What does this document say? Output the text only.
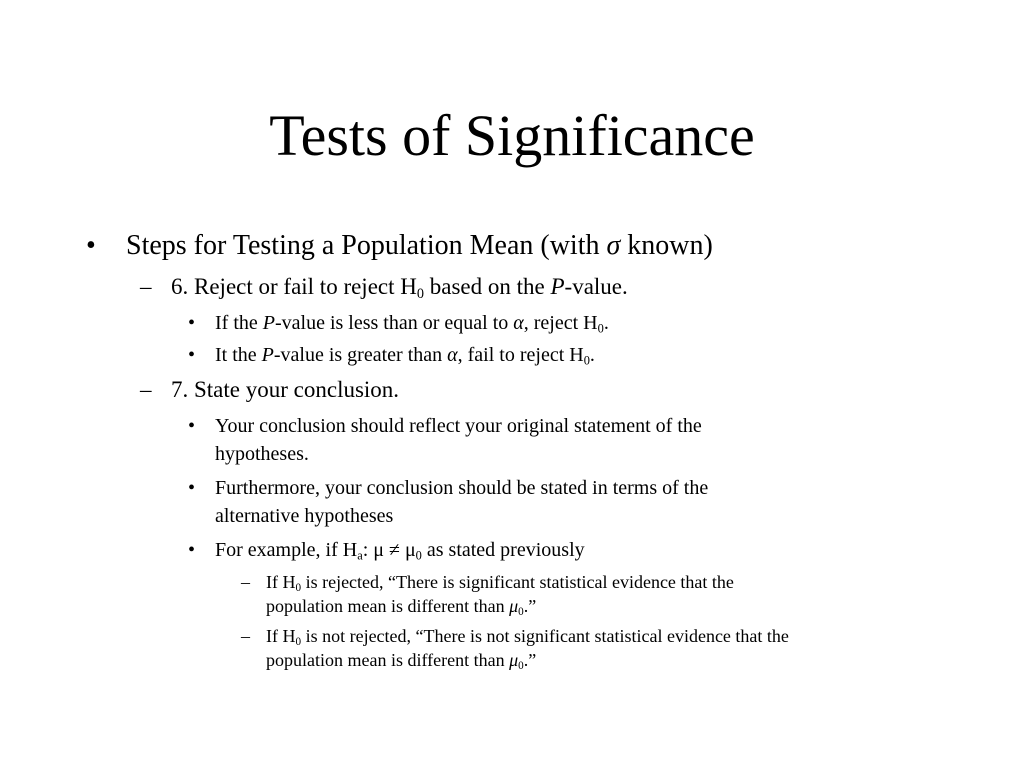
Tests of Significance
• Steps for Testing a Population Mean (with σ known)
– 6. Reject or fail to reject $H_0$ based on the P-value.
• If the P-value is less than or equal to α, reject $H_0$.
• It the P-value is greater than α, fail to reject $H_0$.
– 7. State your conclusion.
• Your conclusion should reflect your original statement of the
hypotheses.
• Furthermore, your conclusion should be stated in terms of the
alternative hypotheses
• For example, if $H_a$: $\mu \ne \mu_0$ as stated previously
– If $H_0$ is rejected, “There is significant statistical evidence that the
population mean is different than $\mu_0$.”
– If $H_0$ is not rejected, “There is not significant statistical evidence that the
population mean is different than $\mu_0$.”
